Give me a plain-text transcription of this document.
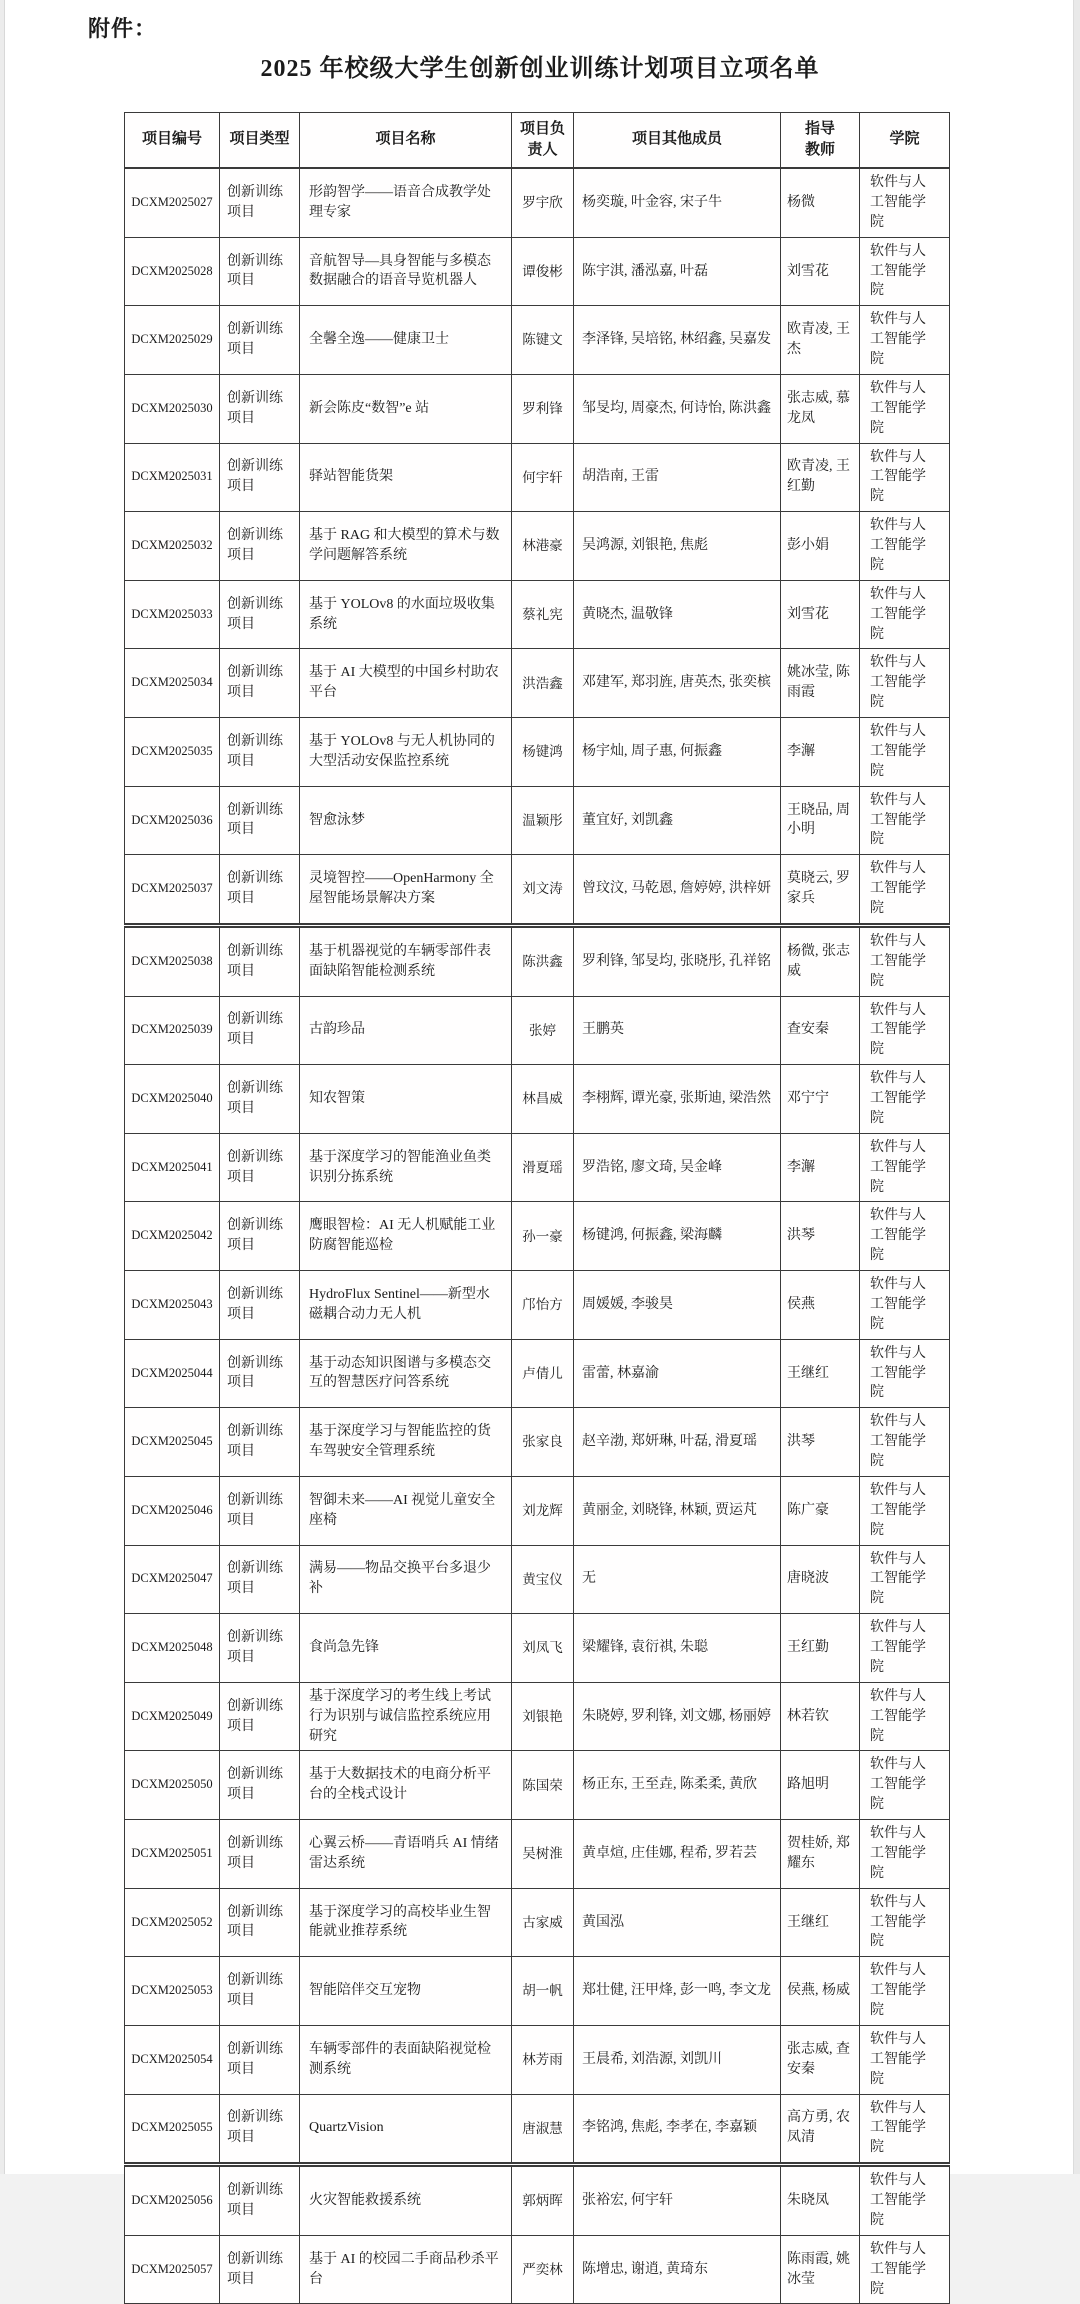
附件：
2025 年校级大学生创新创业训练计划项目立项名单
项目编号	项目类型	项目名称	项目负责人	项目其他成员	指导教师	学院
DCXM2025027	创新训练项目	形韵智学——语音合成教学处理专家	罗宇欣	杨奕璇, 叶金容, 宋子牛	杨微	软件与人工智能学院
DCXM2025028	创新训练项目	音航智导—具身智能与多模态数据融合的语音导览机器人	谭俊彬	陈宇淇, 潘泓嘉, 叶磊	刘雪花	软件与人工智能学院
DCXM2025029	创新训练项目	全馨全逸——健康卫士	陈键文	李泽锋, 吴培铭, 林绍鑫, 吴嘉发	欧青凌, 王杰	软件与人工智能学院
DCXM2025030	创新训练项目	新会陈皮“数智”e 站	罗利锋	邹旻均, 周豪杰, 何诗怡, 陈洪鑫	张志威, 慕龙凤	软件与人工智能学院
DCXM2025031	创新训练项目	驿站智能货架	何宇轩	胡浩南, 王雷	欧青凌, 王红勤	软件与人工智能学院
DCXM2025032	创新训练项目	基于 RAG 和大模型的算术与数学问题解答系统	林港豪	吴鸿源, 刘银艳, 焦彪	彭小娟	软件与人工智能学院
DCXM2025033	创新训练项目	基于 YOLOv8 的水面垃圾收集系统	蔡礼宪	黄晓杰, 温敬锋	刘雪花	软件与人工智能学院
DCXM2025034	创新训练项目	基于 AI 大模型的中国乡村助农平台	洪浩鑫	邓建军, 郑羽旌, 唐英杰, 张奕槟	姚冰莹, 陈雨霞	软件与人工智能学院
DCXM2025035	创新训练项目	基于 YOLOv8 与无人机协同的大型活动安保监控系统	杨键鸿	杨宇灿, 周子惠, 何振鑫	李澥	软件与人工智能学院
DCXM2025036	创新训练项目	智愈泳梦	温颖彤	董宜好, 刘凯鑫	王晓品, 周小明	软件与人工智能学院
DCXM2025037	创新训练项目	灵境智控——OpenHarmony 全屋智能场景解决方案	刘文涛	曾玟汶, 马乾恩, 詹婷婷, 洪梓妍	莫晓云, 罗家兵	软件与人工智能学院
DCXM2025038	创新训练项目	基于机器视觉的车辆零部件表面缺陷智能检测系统	陈洪鑫	罗利锋, 邹旻均, 张晓彤, 孔祥铭	杨微, 张志威	软件与人工智能学院
DCXM2025039	创新训练项目	古韵珍品	张婷	王鹏英	查安秦	软件与人工智能学院
DCXM2025040	创新训练项目	知农智策	林昌威	李栩辉, 谭光豪, 张斯迪, 梁浩然	邓宁宁	软件与人工智能学院
DCXM2025041	创新训练项目	基于深度学习的智能渔业鱼类识别分拣系统	滑夏瑶	罗浩铭, 廖文琦, 吴金峰	李澥	软件与人工智能学院
DCXM2025042	创新训练项目	鹰眼智检：AI 无人机赋能工业防腐智能巡检	孙一豪	杨键鸿, 何振鑫, 梁海麟	洪琴	软件与人工智能学院
DCXM2025043	创新训练项目	HydroFlux Sentinel——新型水磁耦合动力无人机	邝怡方	周媛媛, 李骏昊	侯燕	软件与人工智能学院
DCXM2025044	创新训练项目	基于动态知识图谱与多模态交互的智慧医疗问答系统	卢倩儿	雷蕾, 林嘉渝	王继红	软件与人工智能学院
DCXM2025045	创新训练项目	基于深度学习与智能监控的货车驾驶安全管理系统	张家良	赵辛渤, 郑妍琳, 叶磊, 滑夏瑶	洪琴	软件与人工智能学院
DCXM2025046	创新训练项目	智御未来——AI 视觉儿童安全座椅	刘龙辉	黄丽金, 刘晓锋, 林颖, 贾运芃	陈广豪	软件与人工智能学院
DCXM2025047	创新训练项目	满易——物品交换平台多退少补	黄宝仪	无	唐晓波	软件与人工智能学院
DCXM2025048	创新训练项目	食尚急先锋	刘凤飞	梁耀锋, 袁衍祺, 朱聪	王红勤	软件与人工智能学院
DCXM2025049	创新训练项目	基于深度学习的考生线上考试行为识别与诚信监控系统应用研究	刘银艳	朱晓婷, 罗利锋, 刘文娜, 杨丽婷	林若钦	软件与人工智能学院
DCXM2025050	创新训练项目	基于大数据技术的电商分析平台的全栈式设计	陈国荣	杨正东, 王至垚, 陈柔柔, 黄欣	路旭明	软件与人工智能学院
DCXM2025051	创新训练项目	心翼云桥——青语哨兵 AI 情绪雷达系统	吴树淮	黄卓煊, 庄佳娜, 程希, 罗若芸	贺桂娇, 郑耀东	软件与人工智能学院
DCXM2025052	创新训练项目	基于深度学习的高校毕业生智能就业推荐系统	古家威	黄国泓	王继红	软件与人工智能学院
DCXM2025053	创新训练项目	智能陪伴交互宠物	胡一帆	郑壮健, 汪甲烽, 彭一鸣, 李文龙	侯燕, 杨威	软件与人工智能学院
DCXM2025054	创新训练项目	车辆零部件的表面缺陷视觉检测系统	林芳雨	王晨希, 刘浩源, 刘凯川	张志威, 查安秦	软件与人工智能学院
DCXM2025055	创新训练项目	QuartzVision	唐淑慧	李铭鸿, 焦彪, 李孝在, 李嘉颖	高方勇, 农凤清	软件与人工智能学院
DCXM2025056	创新训练项目	火灾智能救援系统	郭炳晖	张裕宏, 何宇轩	朱晓凤	软件与人工智能学院
DCXM2025057	创新训练项目	基于 AI 的校园二手商品秒杀平台	严奕林	陈增忠, 谢逍, 黄琦东	陈雨霞, 姚冰莹	软件与人工智能学院
